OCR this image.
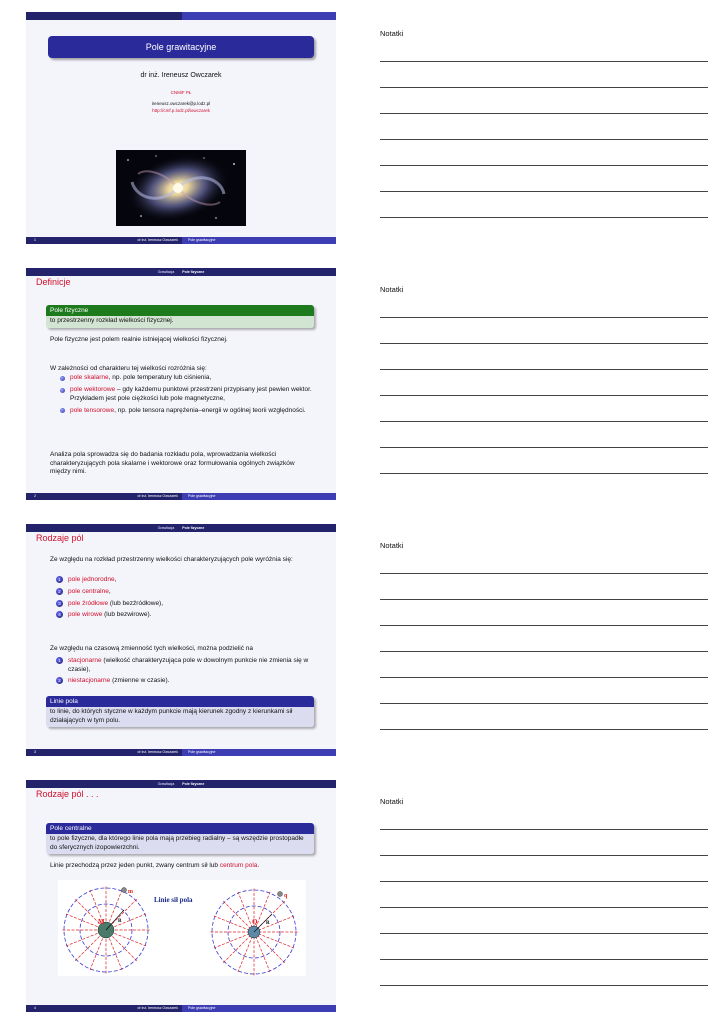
Pole grawitacyjne
dr inż. Ireneusz Owczarek
CNMiF PŁ
ireneusz.owczarek@p.lodz.pl
http://cmf.p.lodz.pl/iowczarek
1	dr inż. Ireneusz Owczarek	Pole grawitacyjne
Grawitacja Pole fizyczne
Definicje
Pole fizyczne
to przestrzenny rozkład wielkości fizycznej.
Pole fizyczne jest polem realnie istniejącej wielkości fizycznej.
W zależności od charakteru tej wielkości rozróżnia się:
pole skalarne, np. pole temperatury lub ciśnienia,
pole wektorowe – gdy każdemu punktowi przestrzeni przypisany jest pewien wektor. Przykładem jest pole ciężkości lub pole magnetyczne,
pole tensorowe, np. pole tensora naprężenia–energii w ogólnej teorii względności.
Analiza pola sprowadza się do badania rozkładu pola, wprowadzania wielkości charakteryzujących pola skalarne i wektorowe oraz formułowania ogólnych związków między nimi.
2	dr inż. Ireneusz Owczarek	Pole grawitacyjne
Grawitacja Pole fizyczne
Rodzaje pól
Ze względu na rozkład przestrzenny wielkości charakteryzujących pole wyróżnia się:
1	pole jednorodne,
2	pole centralne,
3	pole źródłowe (lub bezźródłowe),
4	pole wirowe (lub bezwirowe).
Ze względu na czasową zmienność tych wielkości, można podzielić na
1	stacjonarne (wielkość charakteryzująca pole w dowolnym punkcie nie zmienia się w czasie),
2	niestacjonarne (zmienne w czasie).
Linie pola
to linie, do których styczne w każdym punkcie mają kierunek zgodny z kierunkami sił działających w tym polu.
3	dr inż. Ireneusz Owczarek	Pole grawitacyjne
Grawitacja Pole fizyczne
Rodzaje pól . . .
Pole centralne
to pole fizyczne, dla którego linie pola mają przebieg radialny – są wszędzie prostopadłe do sferycznych izopowierzchni.
Linie przechodzą przez jeden punkt, zwany centrum sił lub centrum pola.
R
M
m
Linie sił pola
R
Q
q
4	dr inż. Ireneusz Owczarek	Pole grawitacyjne
Notatki
Notatki
Notatki
Notatki
